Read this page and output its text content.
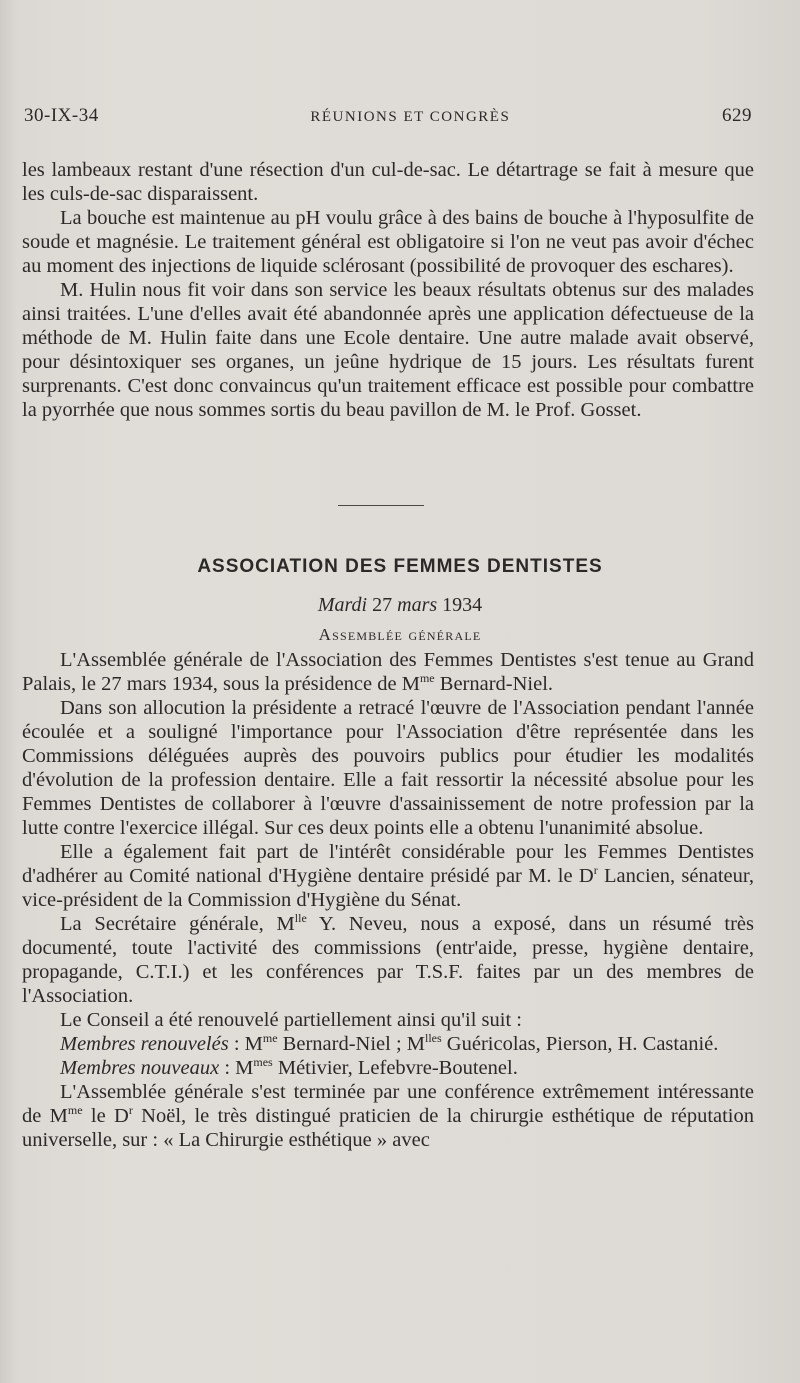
30-IX-34	RÉUNIONS ET CONGRÈS	629

les lambeaux restant d'une résection d'un cul-de-sac. Le détartrage se fait à mesure que les culs-de-sac disparaissent.

La bouche est maintenue au pH voulu grâce à des bains de bouche à l'hyposulfite de soude et magnésie. Le traitement général est obligatoire si l'on ne veut pas avoir d'échec au moment des injections de liquide sclérosant (possibilité de provoquer des eschares).

M. Hulin nous fit voir dans son service les beaux résultats obtenus sur des malades ainsi traitées. L'une d'elles avait été abandonnée après une application défectueuse de la méthode de M. Hulin faite dans une Ecole dentaire. Une autre malade avait observé, pour désintoxiquer ses organes, un jeûne hydrique de 15 jours. Les résultats furent surprenants. C'est donc convaincus qu'un traitement efficace est possible pour combattre la pyorrhée que nous sommes sortis du beau pavillon de M. le Prof. Gosset.

ASSOCIATION DES FEMMES DENTISTES
Mardi 27 mars 1934
Assemblée générale

L'Assemblée générale de l'Association des Femmes Dentistes s'est tenue au Grand Palais, le 27 mars 1934, sous la présidence de $M^{me}$ Bernard-Niel.

Dans son allocution la présidente a retracé l'œuvre de l'Association pendant l'année écoulée et a souligné l'importance pour l'Association d'être représentée dans les Commissions déléguées auprès des pouvoirs publics pour étudier les modalités d'évolution de la profession dentaire. Elle a fait ressortir la nécessité absolue pour les Femmes Dentistes de collaborer à l'œuvre d'assainissement de notre profession par la lutte contre l'exercice illégal. Sur ces deux points elle a obtenu l'unanimité absolue.

Elle a également fait part de l'intérêt considérable pour les Femmes Dentistes d'adhérer au Comité national d'Hygiène dentaire présidé par M. le $D^r$ Lancien, sénateur, vice-président de la Commission d'Hygiène du Sénat.

La Secrétaire générale, $M^{lle}$ Y. Neveu, nous a exposé, dans un résumé très documenté, toute l'activité des commissions (entr'aide, presse, hygiène dentaire, propagande, C.T.I.) et les conférences par T.S.F. faites par un des membres de l'Association.

Le Conseil a été renouvelé partiellement ainsi qu'il suit :

Membres renouvelés : $M^{me}$ Bernard-Niel ; $M^{lles}$ Guéricolas, Pierson, H. Castanié.

Membres nouveaux : $M^{mes}$ Métivier, Lefebvre-Boutenel.

L'Assemblée générale s'est terminée par une conférence extrêmement intéressante de $M^{me}$ le $D^r$ Noël, le très distingué praticien de la chirurgie esthétique de réputation universelle, sur : « La Chirurgie esthétique » avec
